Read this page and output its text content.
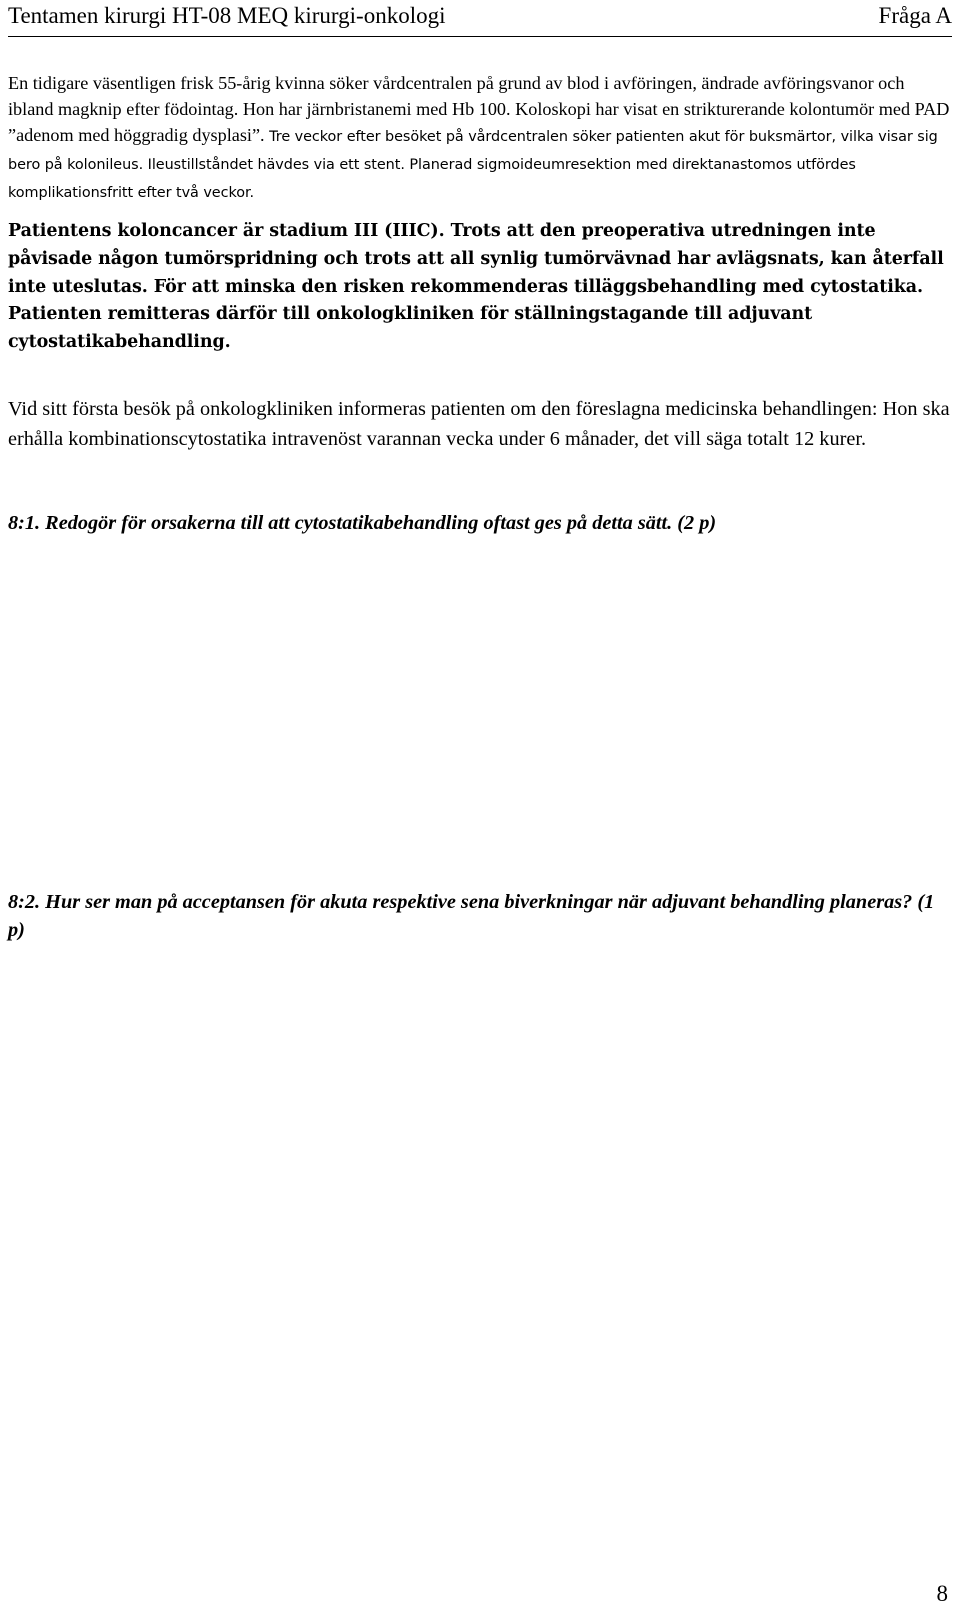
Tentamen kirurgi HT-08 MEQ kirurgi-onkologi	Fråga A

En tidigare väsentligen frisk 55-årig kvinna söker vårdcentralen på grund av blod i avföringen, ändrade avföringsvanor och ibland magknip efter födointag. Hon har järnbristanemi med Hb 100. Koloskopi har visat en strikturerande kolontumör med PAD ”adenom med höggradig dysplasi”. Tre veckor efter besöket på vårdcentralen söker patienten akut för buksmärtor, vilka visar sig bero på kolonileus. Ileustillståndet hävdes via ett stent. Planerad sigmoideumresektion med direktanastomos utfördes komplikationsfritt efter två veckor.

Patientens koloncancer är stadium III (IIIC). Trots att den preoperativa utredningen inte påvisade någon tumörspridning och trots att all synlig tumörvävnad har avlägsnats, kan återfall inte uteslutas. För att minska den risken rekommenderas tilläggsbehandling med cytostatika. Patienten remitteras därför till onkologkliniken för ställningstagande till adjuvant cytostatikabehandling.

Vid sitt första besök på onkologkliniken informeras patienten om den föreslagna medicinska behandlingen: Hon ska erhålla kombinationscytostatika intravenöst varannan vecka under 6 månader, det vill säga totalt 12 kurer.

8:1. Redogör för orsakerna till att cytostatikabehandling oftast ges på detta sätt. (2 p)

8:2. Hur ser man på acceptansen för akuta respektive sena biverkningar när adjuvant behandling planeras? (1 p)

8
